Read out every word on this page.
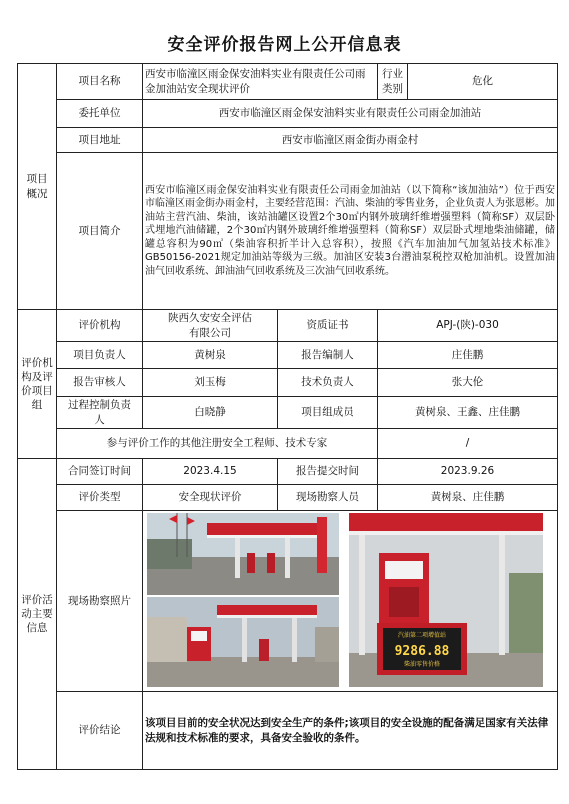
安全评价报告网上公开信息表
项目
概况	项目名称	西安市临潼区雨金保安油料实业有限责任公司雨金加油站安全现状评价		行业类别	危化
	委托单位	西安市临潼区雨金保安油料实业有限责任公司雨金加油站			
	项目地址	西安市临潼区雨金街办雨金村			
	项目简介	西安市临潼区雨金保安油料实业有限责任公司雨金加油站（以下简称“该加油站”）位于西安市临潼区雨金街办雨金村，主要经营范围：汽油、柴油的零售业务，企业负责人为张恩彬。加油站主营汽油、柴油，该站油罐区设置2个30㎥内钢外玻璃纤维增强塑料（简称SF）双层卧式埋地汽油储罐，2个30㎥内钢外玻璃纤维增强塑料（简称SF）双层卧式埋地柴油储罐，储罐总容积为90㎥（柴油容积折半计入总容积），按照《汽车加油加气加氢站技术标准》GB50156-2021规定加油站等级为三级。加油区安装3台潜油泵税控双枪加油机。设置加油油气回收系统、卸油油气回收系统及三次油气回收系统。			
评价机
构及评
价项目
组	评价机构	陕西久安安全评估
有限公司	资质证书	APJ-(陕)-030	
	项目负责人	黄树泉	报告编制人	庄佳鹏	
	报告审核人	刘玉梅	技术负责人	张大伦	
	过程控制负责
人	白晓静	项目组成员	黄树泉、王鑫、庄佳鹏	
	参与评价工作的其他注册安全工程师、技术专家			/	
评价活
动主要
信息	合同签订时间	2023.4.15	报告提交时间	2023.9.26	
	评价类型	安全现状评价	现场勘察人员	黄树泉、庄佳鹏	
	现场勘察照片	汽油第二项增值站
9286.88
柴油零售价格			

	评价结论	该项目目前的安全状况达到安全生产的条件;该项目的安全设施的配备满足国家有关法律法规和技术标准的要求，具备安全验收的条件。			
